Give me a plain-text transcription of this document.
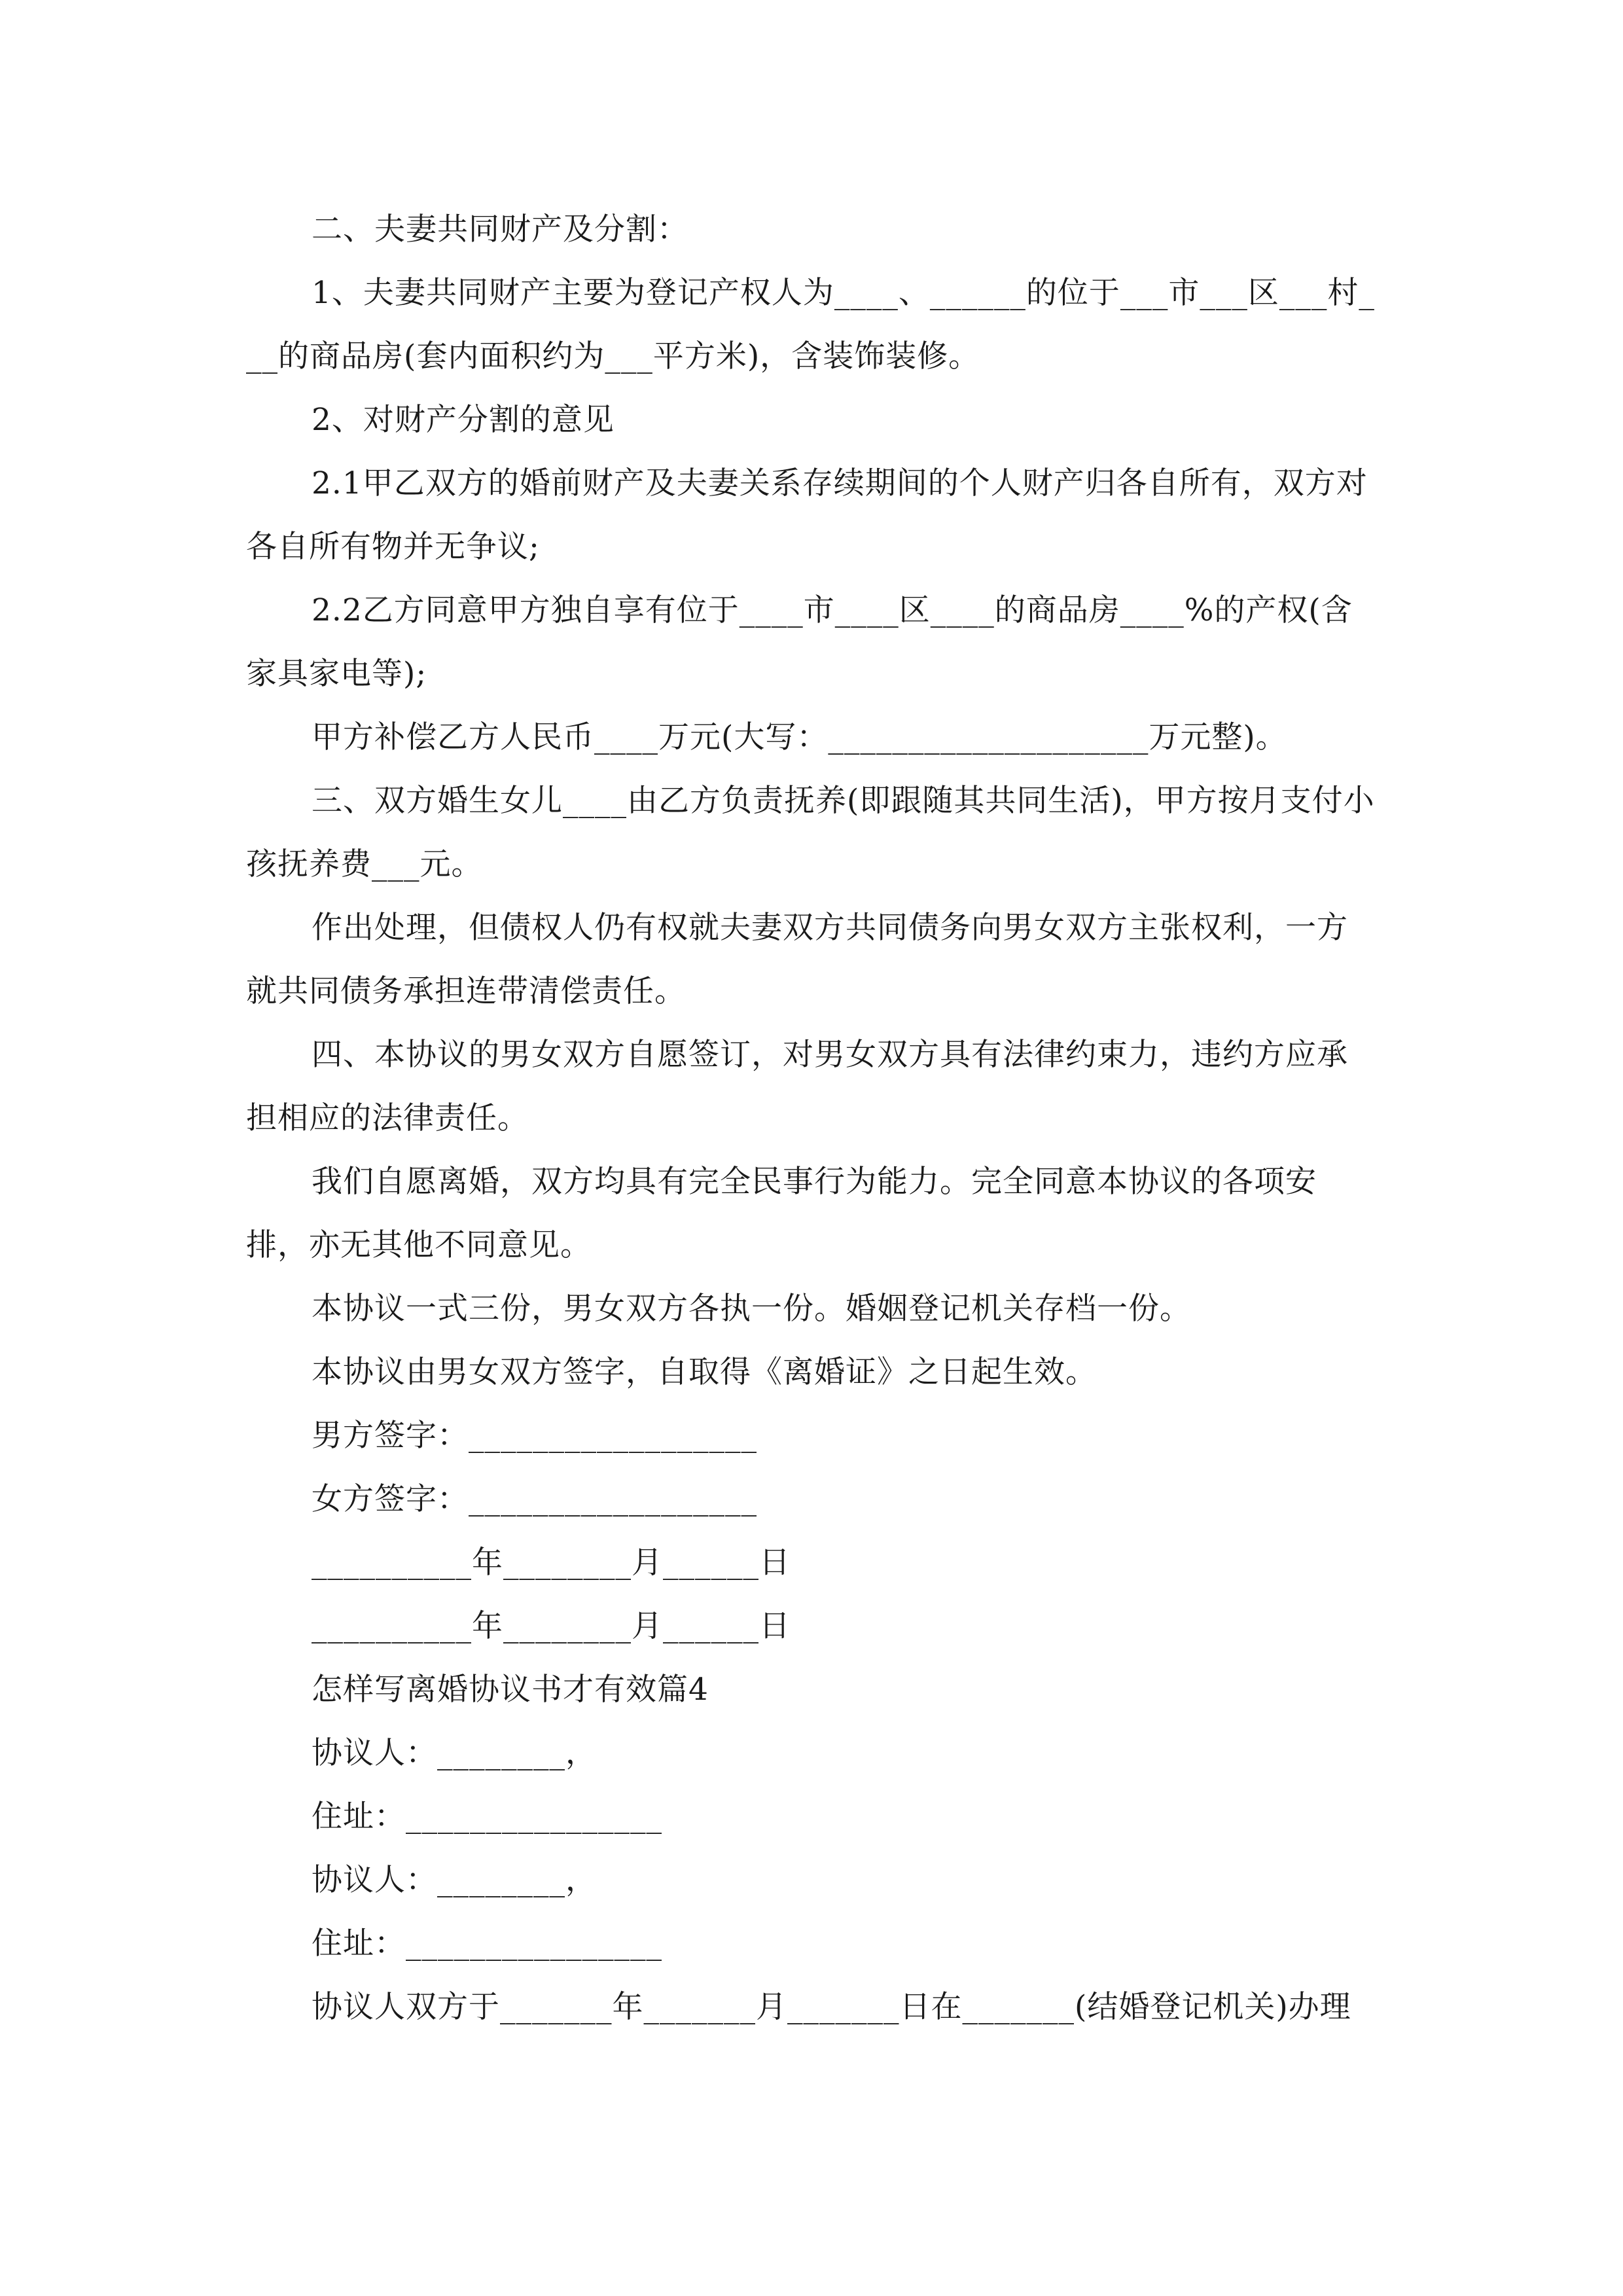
二、夫妻共同财产及分割：
1、夫妻共同财产主要为登记产权人为____、______的位于___市___区___村___的商品房(套内面积约为___平方米)，含装饰装修。
2、对财产分割的意见
2.1甲乙双方的婚前财产及夫妻关系存续期间的个人财产归各自所有，双方对各自所有物并无争议;
2.2乙方同意甲方独自享有位于____市____区____的商品房____%的产权(含家具家电等);
甲方补偿乙方人民币____万元(大写：____________________万元整)。
三、双方婚生女儿____由乙方负责抚养(即跟随其共同生活)，甲方按月支付小孩抚养费___元。
作出处理，但债权人仍有权就夫妻双方共同债务向男女双方主张权利，一方就共同债务承担连带清偿责任。
四、本协议的男女双方自愿签订，对男女双方具有法律约束力，违约方应承担相应的法律责任。
我们自愿离婚，双方均具有完全民事行为能力。完全同意本协议的各项安排，亦无其他不同意见。
本协议一式三份，男女双方各执一份。婚姻登记机关存档一份。
本协议由男女双方签字，自取得《离婚证》之日起生效。
男方签字：__________________
女方签字：__________________
__________年________月______日
__________年________月______日
怎样写离婚协议书才有效篇4
协议人：________，
住址：________________
协议人：________，
住址：________________
协议人双方于_______年_______月_______日在_______(结婚登记机关)办理
